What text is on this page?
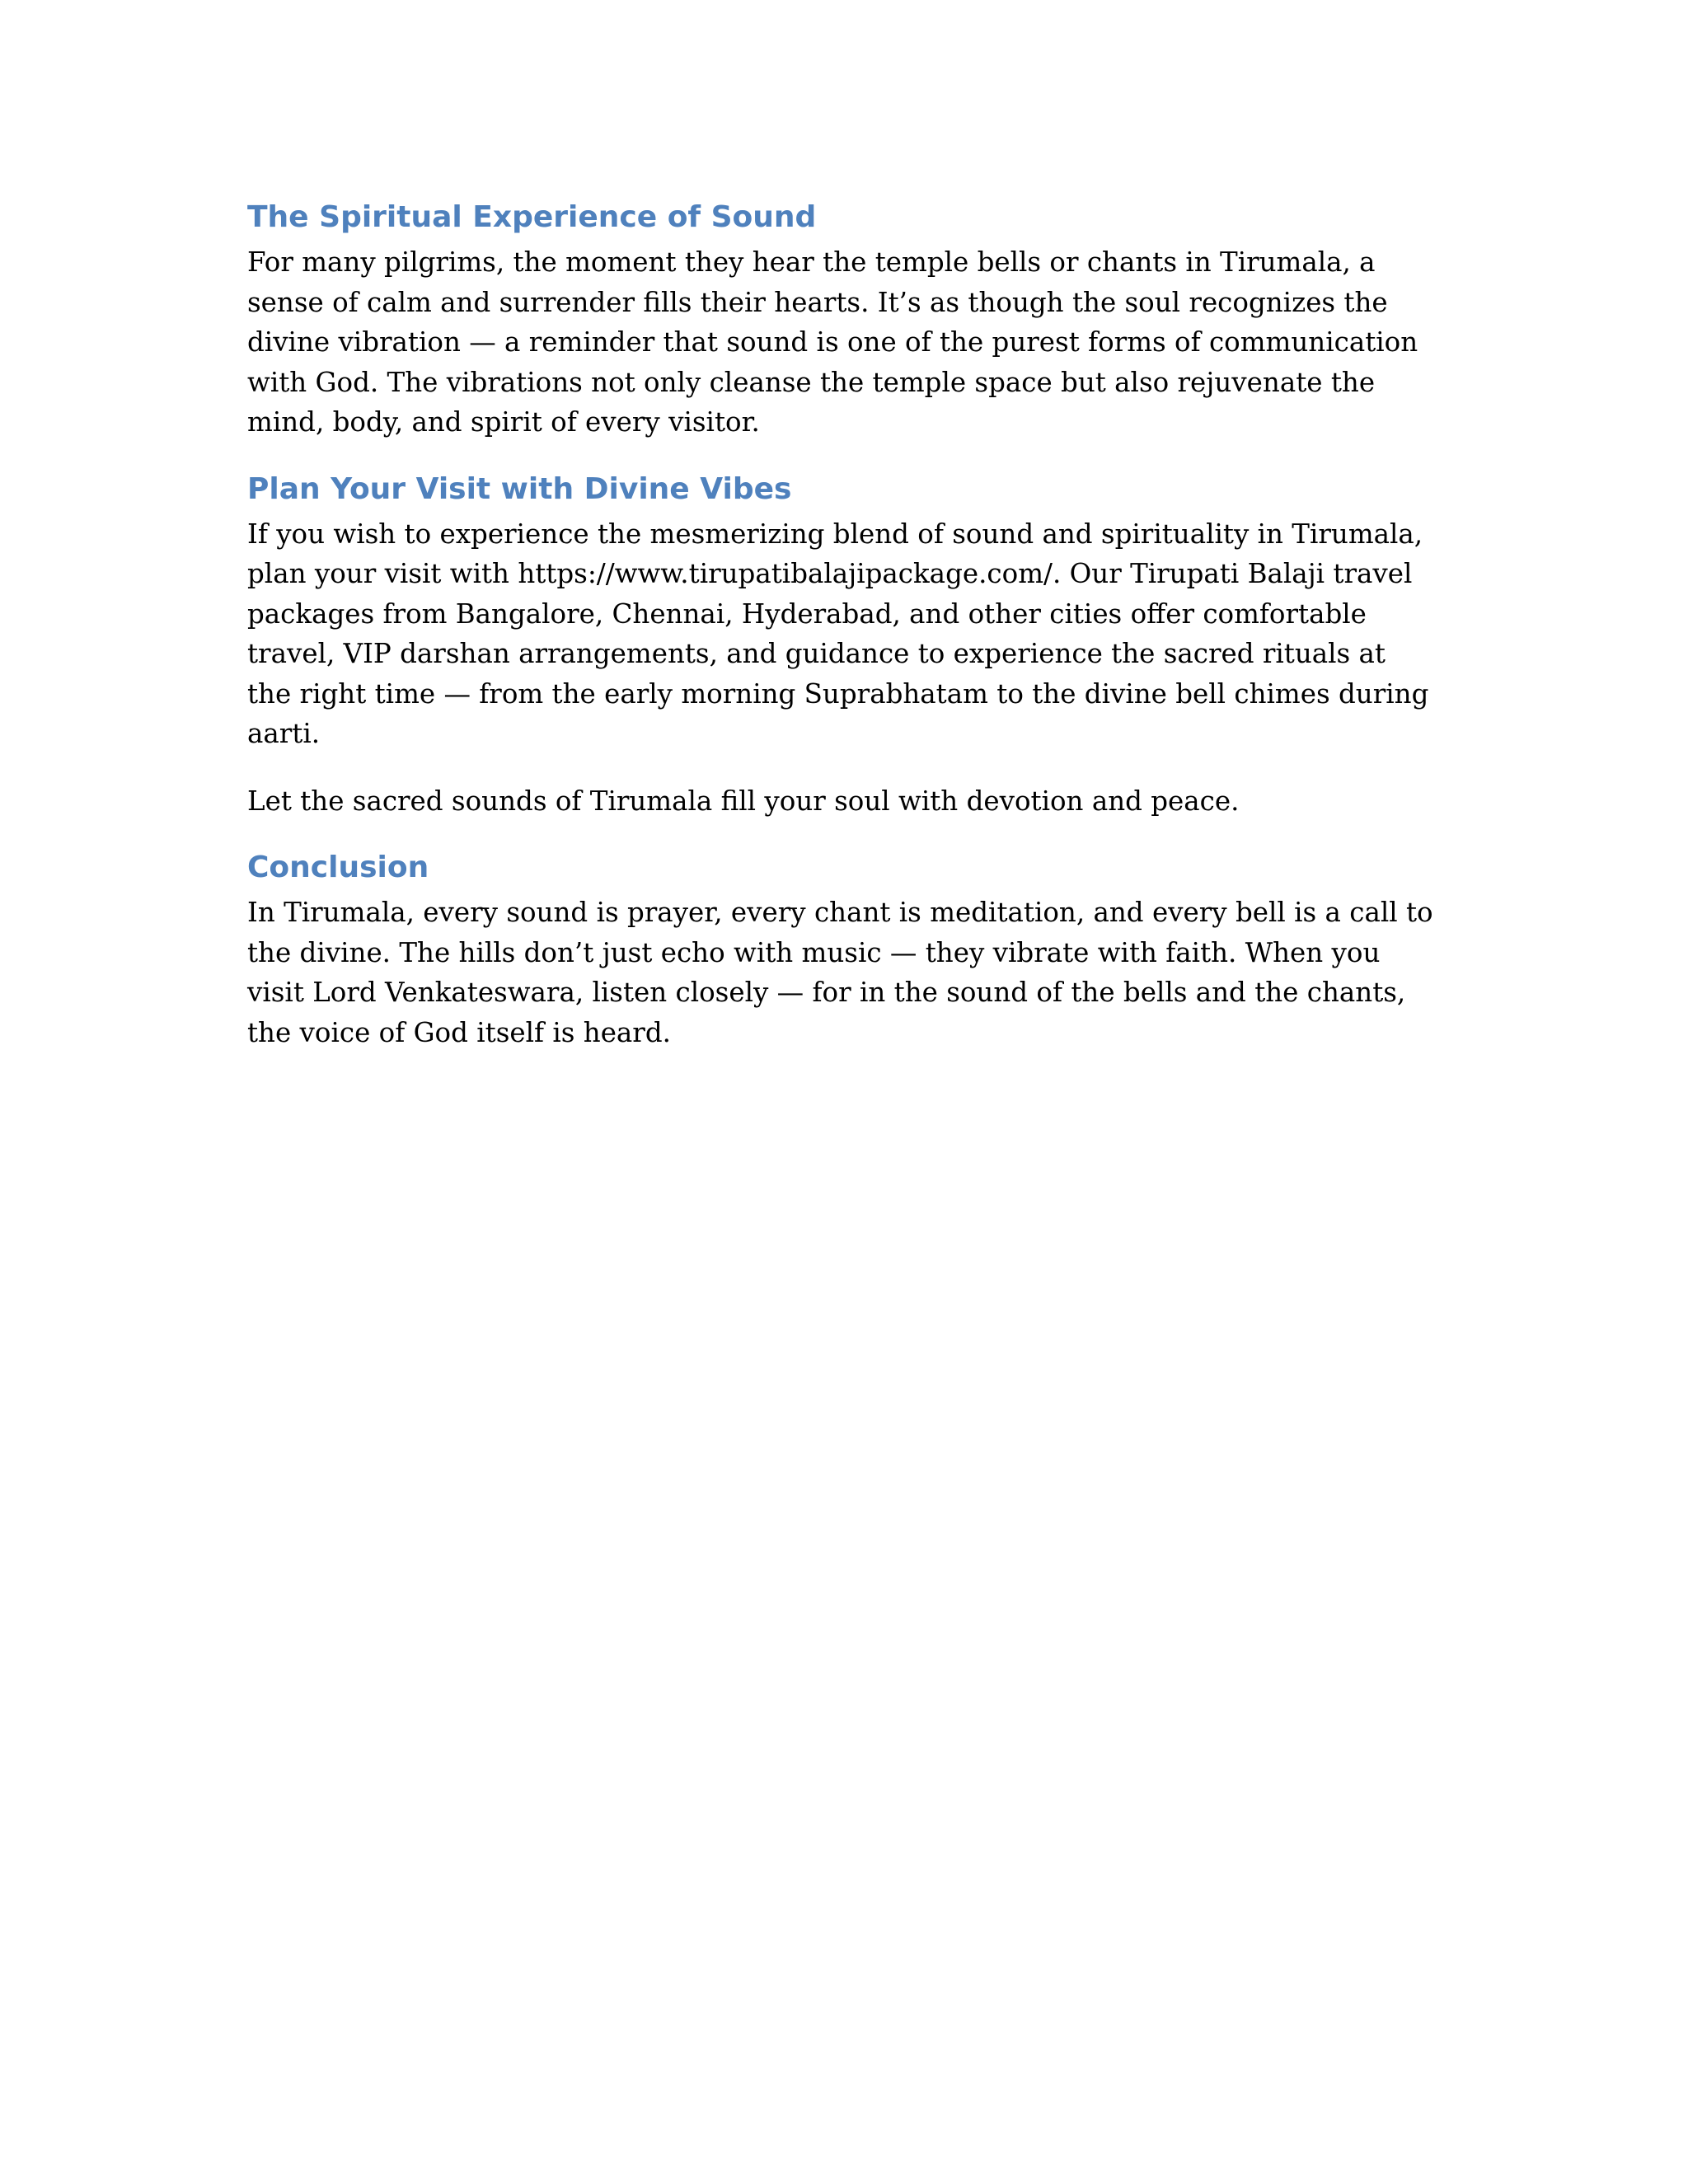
The Spiritual Experience of Sound

For many pilgrims, the moment they hear the temple bells or chants in Tirumala, a sense of calm and surrender fills their hearts. It’s as though the soul recognizes the divine vibration — a reminder that sound is one of the purest forms of communication with God. The vibrations not only cleanse the temple space but also rejuvenate the mind, body, and spirit of every visitor.

Plan Your Visit with Divine Vibes

If you wish to experience the mesmerizing blend of sound and spirituality in Tirumala, plan your visit with https://www.tirupatibalajipackage.com/. Our Tirupati Balaji travel packages from Bangalore, Chennai, Hyderabad, and other cities offer comfortable travel, VIP darshan arrangements, and guidance to experience the sacred rituals at the right time — from the early morning Suprabhatam to the divine bell chimes during aarti.

Let the sacred sounds of Tirumala fill your soul with devotion and peace.

Conclusion

In Tirumala, every sound is prayer, every chant is meditation, and every bell is a call to the divine. The hills don’t just echo with music — they vibrate with faith. When you visit Lord Venkateswara, listen closely — for in the sound of the bells and the chants, the voice of God itself is heard.
